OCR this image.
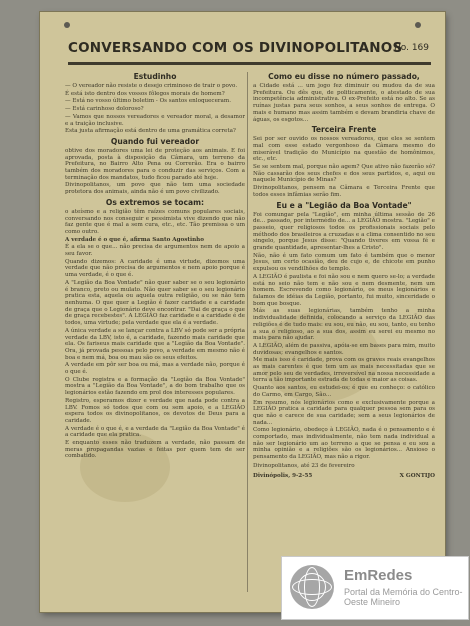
CONVERSANDO COM OS DIVINOPOLITANOS
No. 169
Estudinho

— O vereador não resiste o desejo criminoso de trair o povo.

É está isto dentro dos vossos fôlegos morais de homem?

— Está no vosso último boletim - Os santos enloqueceram.

— Está carinhoso doloroso?

— Vamos que nossos vereadores e vereador moral, a desamor e a traição inclusive.

Esta justa afirmação está dentro de uma gramática correta?

Quando fui vereador

obtive dos moradores uma lei de proteção aos animais. E foi aprovada, posta à disposição da Câmara, um terreno da Prefeitura, no Bairro Alto Pena ou Correrão. Era o bairro também dos moradores para o conduzir das serviços. Com a terminação dos mandatos, tudo ficou parado até hoje.

Divinopolitanos, um povo que não tem uma sociedade protetora dos animais, ainda não é um povo civilizado.

Os extremos se tocam:

o ateísmo e a religião têm raízes comuns populares sociais, conversando nos conseguir e pessimista vive dizendo que não faz gente que é mal a sem cura, etc., etc. Tão premissa o um como outro.

A verdade é o que é, afirma Santo Agostinho

É a ela se o que... não precisa de argumentos nem de apoio a seu favor.

Quando dizemos: A caridade é uma virtude, dizemos uma verdade que não precisa de argumentos e nem apoio porque é uma verdade, é o que é.

A "Legião da Boa Vontade" não quer saber se o seu legionário é branco, preto ou mulato. Não quer saber se o seu legionário pratica esta, aquela ou aquela outra religião, ou se não tem nenhuma. O que quer a Legião é fazer caridade e a caridade de graça que o Legionário deve encontrar. "Dai de graça o que de graça recebestes". A LEGIÃO faz caridade e a caridade é de todos, uma virtude; pela verdade que ela é a verdade.

A única verdade a se lançar contra a LBV só pode ser a própria verdade da LBV, isto é, a caridade, fazendo mais caridade que ela. Os fariseus mais caridade que a "Legião da Boa Vontade". Ora, já provada pessoas pelo povo, a verdade em mesmo não é boa e nem má, boa ou mau são os seus efeitos.

A verdade em pôr ser boa ou má, mas a verdade não, porque é o que é.

O Clube registra e a formação da "Legião da Boa Vontade" mostra a "Legião da Boa Vontade", a do bom trabalho que os legionários estão fazendo em prol dos interesses populares.

Registro, esperamos dizer e verdade que nada pode contra a LBV. Fomos só todos que com ou sem apoio, e a LEGIÃO espera todos os divinopolitanos, os devotos de Deus para a caridade.

A verdade é o que é, e a verdade da "Legião da Boa Vontade" é a caridade que ela pratica.

E enquanto esses não traduzem a verdade, não passam de meras propagandas vazias e feitas por quem tem de ser combatido.

Como eu disse no número passado,

a Cidade está ... um jogo fez diminuir ou mudou da de sua Prefeitura. Ou dês que, de politicamente, o atestado de sua incompetência administrativa. O ex-Prefeito está no alto. Se as ruínas justas para seus sonhos, a seus sonhos de entrega. O mais e humano mas assim também e devam brandiria chave de águas, os esgotos...

Terceira Frente

Sei por ser ouvido os nossos vereadores, que eles se sentem mal com esse estado vergonhoso da Câmara mesmo do miserável tradição do Município na questão de homônimos, etc., etc.

Se se sentem mal, porque não agem? Que ativo não fazerão só? Não cassarão dos seus chefes e dos seus partidos, e, aqui ou naquele Município de Minas?

Divinopolitanos, pensem na Câmara e Terceira Frente que todos esses infâmias serão fim.

Eu e a "Legião da Boa Vontade"

Foi comungar pela "Legião", em minha última sessão de 26 de... passado, por intermédio de... a LEGIÃO mostra. "Legião" e passeio, quer religiosos todos os profissionais sociais pelo méthodo dos brasileiros a cruzadas e a clima consentido no seu singelo, porque Jesus disse: "Quando tiveres em vossa fé e grande quantidade, apresentar-lhes a Cristo".

Não, não é um fato comum um fato é também que o menor Jesus, um certo ocasião, deu de cujo e, de chicote em punho expulsou os vendilhões do templo.

A LEGIÃO é paulista e foi não sou e nem quero se-lo; a verdade está no seio não tem e não sou e nem desmente, nem um homem. Escrevendo como legionário, os meus legionários e falamos de idéias da Legião, portanto, fui muito, sinceridade o bom que bosque.

Más as suas legionárias, também tenho a minha individualidade definida, colocando a serviço da LEGIÃO das religiões é de tudo mais: eu sou, eu não, eu sou, tanto, eu tenho a sua o religioso, ao a sua dos, assim eu serei eu mesmo no mais para não ajudar.

A LEGIÃO, além de passiva, apóia-se em bases para mim, muito duvidosas; evangelhos e santos.

Me mais isso é caridade, prova com os graves reais evangelhos as mais carentes é que tem um as mais necessitadas que se amor pelo seu de verdades, irreversível na nossa necessidade a terra a tão importante estrada de todas e maior as coisas.

Quanto aos santos, eu estudei-os; é que eu conheço: o católico do Carmo, em Cargo, São...

Em resumo, nós legionários como e exclusivamente porque a LEGIÃO pratica a caridade para qualquer pessoa sem para os que não e carece de sua caridade; sem a seus legionários de nada...

Como legionário, obedeço à LEGIÃO, nada é o pensamento e é comportado, mas individualmente, não tem nada individual a não ser legionário um ao terreno a que se pensa e eu sou a minha opinião e a religiões são os legionários... Ansioso o pensamento da LEGIÃO, mas não a rigor.

Divinopolitanos, até 23 de fevereiro
Divinópolis, 9-2-55	X GONTIJO
EmRedes
Portal da Memória do Centro-Oeste Mineiro
